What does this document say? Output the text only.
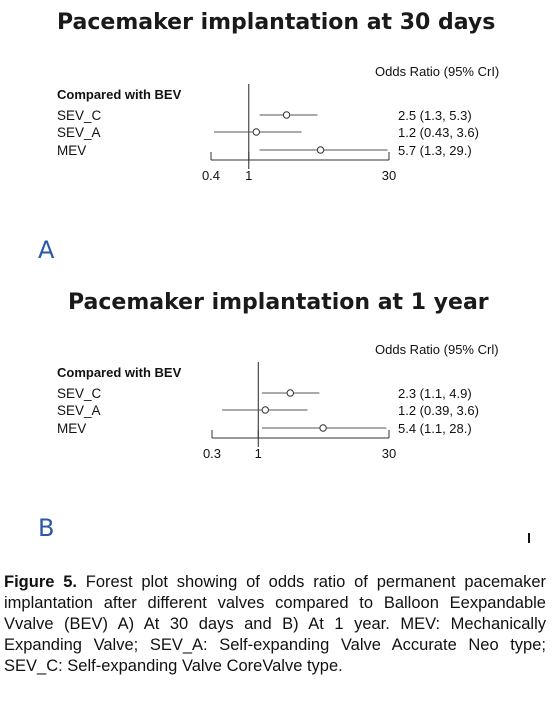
Pacemaker implantation at 30 days
A
Pacemaker implantation at 1 year
B
Odds Ratio (95% CrI)
Compared with BEV
SEV_C	2.5 (1.3, 5.3)
SEV_A	1.2 (0.43, 3.6)
MEV	5.7 (1.3, 29.)
0.4 1	30
Odds Ratio (95% Crl)
Compared with BEV
SEV_C	2.3 (1.1, 4.9)
SEV_A	1.2 (0.39, 3.6)
MEV	5.4 (1.1, 28.)
0.3	1	30
Figure 5. Forest plot showing of odds ratio of permanent pacemaker implantation after different valves compared to Balloon Eexpandable Vvalve (BEV) A) At 30 days and B) At 1 year. MEV: Mechanically Expanding Valve; SEV_A: Self-expanding Valve Accurate Neo type; SEV_C: Self-expanding Valve CoreValve type.
